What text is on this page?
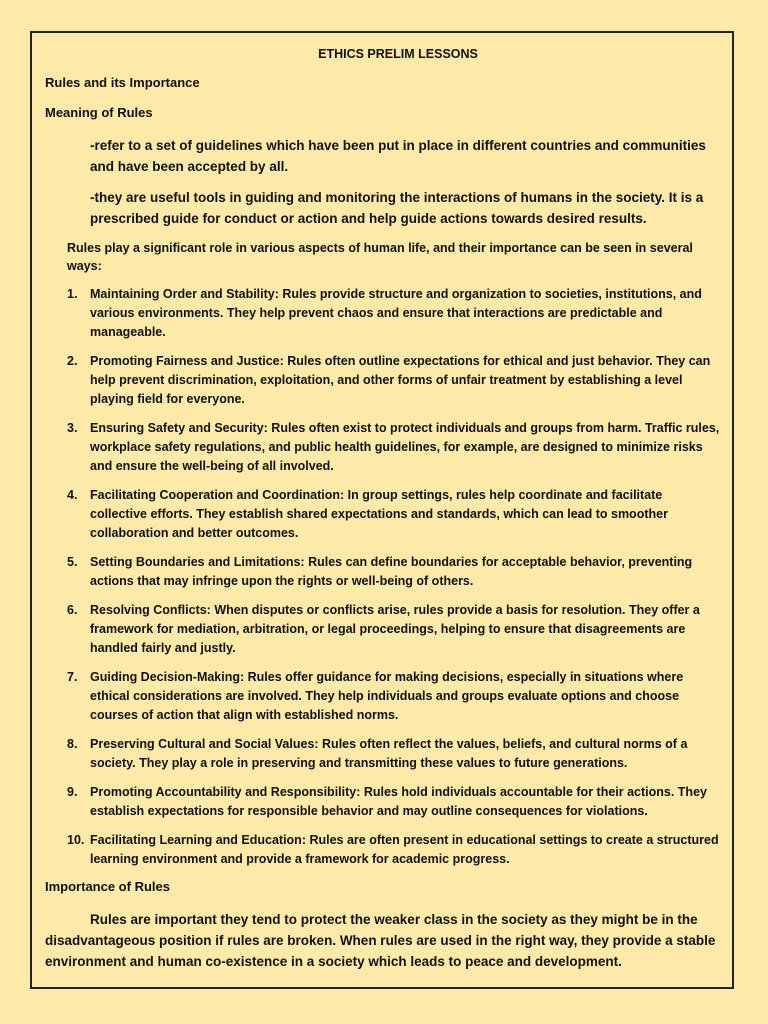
ETHICS PRELIM LESSONS
Rules and its Importance
Meaning of Rules

-refer to a set of guidelines which have been put in place in different countries and communities and have been accepted by all.

-they are useful tools in guiding and monitoring the interactions of humans in the society. It is a prescribed guide for conduct or action and help guide actions towards desired results.

Rules play a significant role in various aspects of human life, and their importance can be seen in several ways:

1. Maintaining Order and Stability: Rules provide structure and organization to societies, institutions, and various environments. They help prevent chaos and ensure that interactions are predictable and manageable.
2. Promoting Fairness and Justice: Rules often outline expectations for ethical and just behavior. They can help prevent discrimination, exploitation, and other forms of unfair treatment by establishing a level playing field for everyone.
3. Ensuring Safety and Security: Rules often exist to protect individuals and groups from harm. Traffic rules, workplace safety regulations, and public health guidelines, for example, are designed to minimize risks and ensure the well-being of all involved.
4. Facilitating Cooperation and Coordination: In group settings, rules help coordinate and facilitate collective efforts. They establish shared expectations and standards, which can lead to smoother collaboration and better outcomes.
5. Setting Boundaries and Limitations: Rules can define boundaries for acceptable behavior, preventing actions that may infringe upon the rights or well-being of others.
6. Resolving Conflicts: When disputes or conflicts arise, rules provide a basis for resolution. They offer a framework for mediation, arbitration, or legal proceedings, helping to ensure that disagreements are handled fairly and justly.
7. Guiding Decision-Making: Rules offer guidance for making decisions, especially in situations where ethical considerations are involved. They help individuals and groups evaluate options and choose courses of action that align with established norms.
8. Preserving Cultural and Social Values: Rules often reflect the values, beliefs, and cultural norms of a society. They play a role in preserving and transmitting these values to future generations.
9. Promoting Accountability and Responsibility: Rules hold individuals accountable for their actions. They establish expectations for responsible behavior and may outline consequences for violations.
10. Facilitating Learning and Education: Rules are often present in educational settings to create a structured learning environment and provide a framework for academic progress.
Importance of Rules

Rules are important they tend to protect the weaker class in the society as they might be in the disadvantageous position if rules are broken. When rules are used in the right way, they provide a stable environment and human co-existence in a society which leads to peace and development.
